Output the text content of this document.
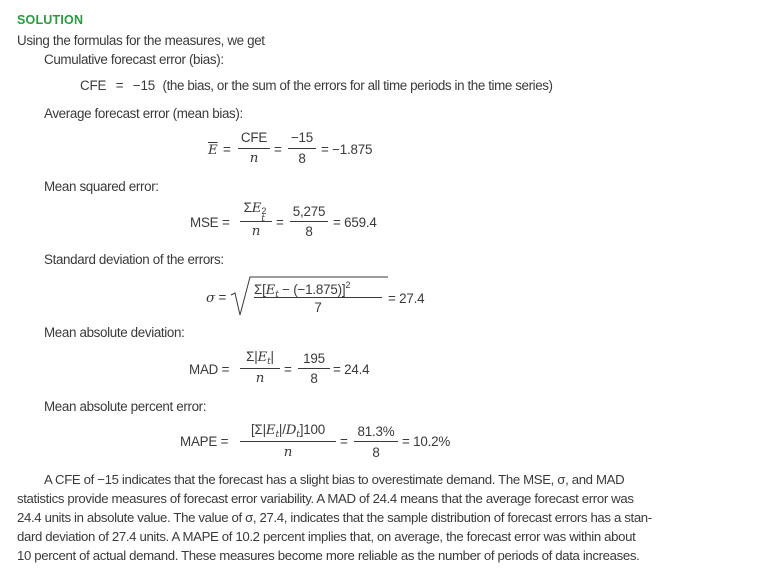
SOLUTION
Using the formulas for the measures, we get
Cumulative forecast error (bias):
CFE = −15 (the bias, or the sum of the errors for all time periods in the time series)
Average forecast error (mean bias):
$\overline{E}$ =
CFE
n
=
−15
8
= −1.875
Mean squared error:
MSE =
ΣE 2
t
n
=
5,275
8
= 659.4
Standard deviation of the errors:
σ =
$\Sigma[E_t - (-1.875)]^2$
7
= 27.4
Mean absolute deviation:
MAD =
$\Sigma|E_t|$
n
=
195
8
= 24.4
Mean absolute percent error:
MAPE =
$[\Sigma|E_t|/D_t]100$
n
=
81.3%
8
= 10.2%
A CFE of −15 indicates that the forecast has a slight bias to overestimate demand. The MSE, σ, and MAD
statistics provide measures of forecast error variability. A MAD of 24.4 means that the average forecast error was
24.4 units in absolute value. The value of σ, 27.4, indicates that the sample distribution of forecast errors has a stan-
dard deviation of 27.4 units. A MAPE of 10.2 percent implies that, on average, the forecast error was within about
10 percent of actual demand. These measures become more reliable as the number of periods of data increases.
